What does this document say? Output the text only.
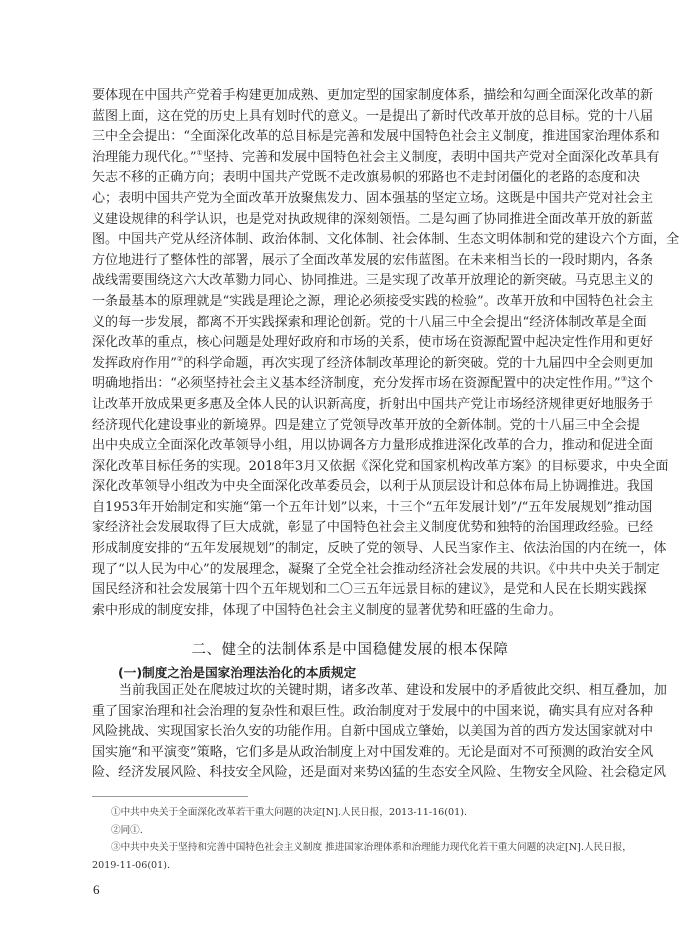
要体现在中国共产党着手构建更加成熟、更加定型的国家制度体系，描绘和勾画全面深化改革的新
蓝图上面，这在党的历史上具有划时代的意义。一是提出了新时代改革开放的总目标。党的十八届
三中全会提出：“全面深化改革的总目标是完善和发展中国特色社会主义制度，推进国家治理体系和
治理能力现代化。”①坚持、完善和发展中国特色社会主义制度，表明中国共产党对全面深化改革具有
矢志不移的正确方向；表明中国共产党既不走改旗易帜的邪路也不走封闭僵化的老路的态度和决
心；表明中国共产党为全面改革开放聚焦发力、固本强基的坚定立场。这既是中国共产党对社会主
义建设规律的科学认识，也是党对执政规律的深刻领悟。二是勾画了协同推进全面改革开放的新蓝
图。中国共产党从经济体制、政治体制、文化体制、社会体制、生态文明体制和党的建设六个方面，全
方位地进行了整体性的部署，展示了全面改革发展的宏伟蓝图。在未来相当长的一段时期内，各条
战线需要围绕这六大改革勠力同心、协同推进。三是实现了改革开放理论的新突破。马克思主义的
一条最基本的原理就是“实践是理论之源，理论必须接受实践的检验”。改革开放和中国特色社会主
义的每一步发展，都离不开实践探索和理论创新。党的十八届三中全会提出“经济体制改革是全面
深化改革的重点，核心问题是处理好政府和市场的关系，使市场在资源配置中起决定性作用和更好
发挥政府作用”②的科学命题，再次实现了经济体制改革理论的新突破。党的十九届四中全会则更加
明确地指出：“必须坚持社会主义基本经济制度，充分发挥市场在资源配置中的决定性作用。”③这个
让改革开放成果更多惠及全体人民的认识新高度，折射出中国共产党让市场经济规律更好地服务于
经济现代化建设事业的新境界。四是建立了党领导改革开放的全新体制。党的十八届三中全会提
出中央成立全面深化改革领导小组，用以协调各方力量形成推进深化改革的合力，推动和促进全面
深化改革目标任务的实现。2018年3月又依据《深化党和国家机构改革方案》的目标要求，中央全面
深化改革领导小组改为中央全面深化改革委员会，以利于从顶层设计和总体布局上协调推进。我国
自1953年开始制定和实施“第一个五年计划”以来，十三个“五年发展计划”/“五年发展规划”推动国
家经济社会发展取得了巨大成就，彰显了中国特色社会主义制度优势和独特的治国理政经验。已经
形成制度安排的“五年发展规划”的制定，反映了党的领导、人民当家作主、依法治国的内在统一，体
现了“以人民为中心”的发展理念，凝聚了全党全社会推动经济社会发展的共识。《中共中央关于制定
国民经济和社会发展第十四个五年规划和二〇三五年远景目标的建议》，是党和人民在长期实践探
索中形成的制度安排，体现了中国特色社会主义制度的显著优势和旺盛的生命力。
二、健全的法制体系是中国稳健发展的根本保障
(一)制度之治是国家治理法治化的本质规定
当前我国正处在爬坡过坎的关键时期，诸多改革、建设和发展中的矛盾彼此交织、相互叠加，加
重了国家治理和社会治理的复杂性和艰巨性。政治制度对于发展中的中国来说，确实具有应对各种
风险挑战、实现国家长治久安的功能作用。自新中国成立肇始，以美国为首的西方发达国家就对中
国实施“和平演变”策略，它们多是从政治制度上对中国发难的。无论是面对不可预测的政治安全风
险、经济发展风险、科技安全风险，还是面对来势凶猛的生态安全风险、生物安全风险、社会稳定风
①中共中央关于全面深化改革若干重大问题的决定[N].人民日报，2013-11-16(01).
②同①.
③中共中央关于坚持和完善中国特色社会主义制度 推进国家治理体系和治理能力现代化若干重大问题的决定[N].人民日报，
2019-11-06(01).
6
